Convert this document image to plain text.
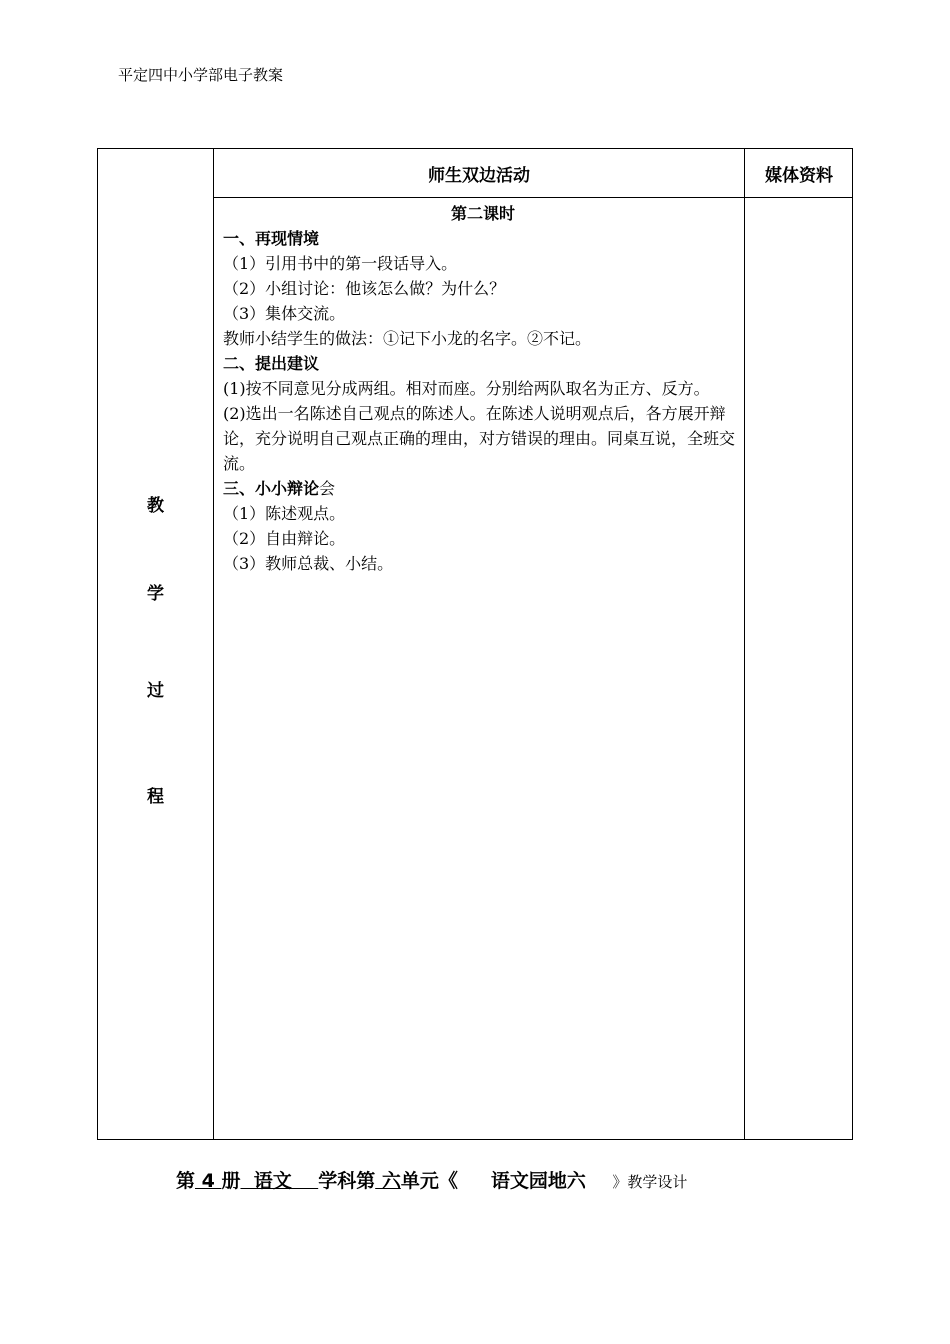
平定四中小学部电子教案
师生双边活动	媒体资料
教
学
过
程

第二课时

一、再现情境

（1）引用书中的第一段话导入。

（2）小组讨论：他该怎么做？为什么？

（3）集体交流。

教师小结学生的做法：①记下小龙的名字。②不记。

二、提出建议

(1)按不同意见分成两组。相对而座。分别给两队取名为正方、反方。

(2)选出一名陈述自己观点的陈述人。在陈述人说明观点后，各方展开辩论，充分说明自己观点正确的理由，对方错误的理由。同桌互说，全班交流。

三、小小辩论会

（1）陈述观点。

（2）自由辩论。

（3）教师总裁、小结。

第 4 册  语文    学科第 六单元《     语文园地六    》教学设计
